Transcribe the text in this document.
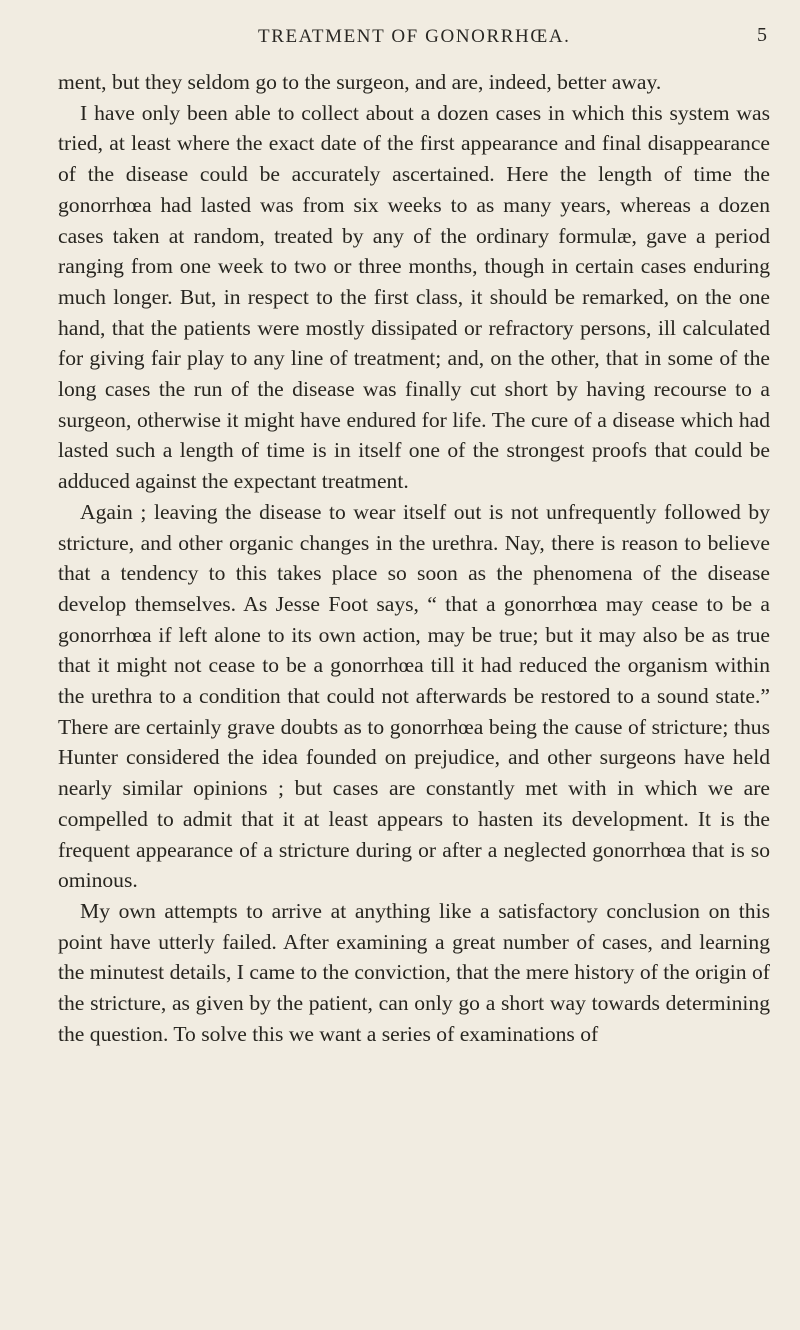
TREATMENT OF GONORRHŒA.	5

ment, but they seldom go to the surgeon, and are, indeed, better away.

I have only been able to collect about a dozen cases in which this system was tried, at least where the exact date of the first appearance and final disappearance of the disease could be accurately ascertained. Here the length of time the gonorrhœa had lasted was from six weeks to as many years, whereas a dozen cases taken at random, treated by any of the ordinary formulæ, gave a period ranging from one week to two or three months, though in certain cases enduring much longer. But, in respect to the first class, it should be remarked, on the one hand, that the patients were mostly dissipated or refractory persons, ill calculated for giving fair play to any line of treatment; and, on the other, that in some of the long cases the run of the disease was finally cut short by having recourse to a surgeon, otherwise it might have endured for life. The cure of a disease which had lasted such a length of time is in itself one of the strongest proofs that could be adduced against the expectant treatment.

Again ; leaving the disease to wear itself out is not unfrequently followed by stricture, and other organic changes in the urethra. Nay, there is reason to believe that a tendency to this takes place so soon as the phenomena of the disease develop themselves. As Jesse Foot says, “ that a gonorrhœa may cease to be a gonorrhœa if left alone to its own action, may be true; but it may also be as true that it might not cease to be a gonorrhœa till it had reduced the organism within the urethra to a condition that could not afterwards be restored to a sound state.” There are certainly grave doubts as to gonorrhœa being the cause of stricture; thus Hunter considered the idea founded on prejudice, and other surgeons have held nearly similar opinions ; but cases are constantly met with in which we are compelled to admit that it at least appears to hasten its development. It is the frequent appearance of a stricture during or after a neglected gonorrhœa that is so ominous.

My own attempts to arrive at anything like a satisfactory conclusion on this point have utterly failed. After examining a great number of cases, and learning the minutest details, I came to the conviction, that the mere history of the origin of the stricture, as given by the patient, can only go a short way towards determining the question. To solve this we want a series of examinations of
